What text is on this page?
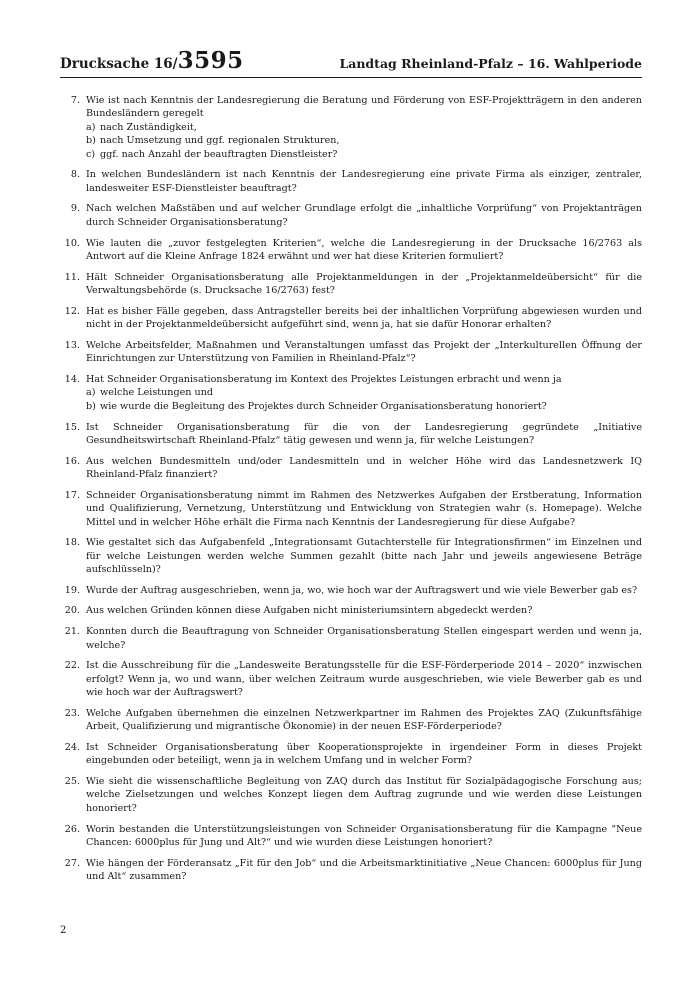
Drucksache 16/3595	Landtag Rheinland-Pfalz – 16. Wahlperiode
7. Wie ist nach Kenntnis der Landesregierung die Beratung und Förderung von ESF-Projektträgern in den anderen Bundesländern geregelt
a) nach Zuständigkeit,
b) nach Umsetzung und ggf. regionalen Strukturen,
c) ggf. nach Anzahl der beauftragten Dienstleister?
8. In welchen Bundesländern ist nach Kenntnis der Landesregierung eine private Firma als einziger, zentraler, landesweiter ESF-Dienstleister beauftragt?
9. Nach welchen Maßstäben und auf welcher Grundlage erfolgt die „inhaltliche Vorprüfung“ von Projektanträgen durch Schneider Organisationsberatung?
10. Wie lauten die „zuvor festgelegten Kriterien“, welche die Landesregierung in der Drucksache 16/2763 als Antwort auf die Kleine Anfrage 1824 erwähnt und wer hat diese Kriterien formuliert?
11. Hält Schneider Organisationsberatung alle Projektanmeldungen in der „Projektanmeldeübersicht“ für die Verwaltungsbehörde (s. Drucksache 16/2763) fest?
12. Hat es bisher Fälle gegeben, dass Antragsteller bereits bei der inhaltlichen Vorprüfung abgewiesen wurden und nicht in der Projektanmeldeübersicht aufgeführt sind, wenn ja, hat sie dafür Honorar erhalten?
13. Welche Arbeitsfelder, Maßnahmen und Veranstaltungen umfasst das Projekt der „Interkulturellen Öffnung der Einrichtungen zur Unterstützung von Familien in Rheinland-Pfalz“?
14. Hat Schneider Organisationsberatung im Kontext des Projektes Leistungen erbracht und wenn ja
a) welche Leistungen und
b) wie wurde die Begleitung des Projektes durch Schneider Organisationsberatung honoriert?
15. Ist Schneider Organisationsberatung für die von der Landesregierung gegründete „Initiative Gesundheitswirtschaft Rheinland-Pfalz“ tätig gewesen und wenn ja, für welche Leistungen?
16. Aus welchen Bundesmitteln und/oder Landesmitteln und in welcher Höhe wird das Landesnetzwerk IQ Rheinland-Pfalz finanziert?
17. Schneider Organisationsberatung nimmt im Rahmen des Netzwerkes Aufgaben der Erstberatung, Information und Qualifizierung, Vernetzung, Unterstützung und Entwicklung von Strategien wahr (s. Homepage). Welche Mittel und in welcher Höhe erhält die Firma nach Kenntnis der Landesregierung für diese Aufgabe?
18. Wie gestaltet sich das Aufgabenfeld „Integrationsamt Gutachterstelle für Integrationsfirmen“ im Einzelnen und für welche Leistungen werden welche Summen gezahlt (bitte nach Jahr und jeweils angewiesene Beträge aufschlüsseln)?
19. Wurde der Auftrag ausgeschrieben, wenn ja, wo, wie hoch war der Auftragswert und wie viele Bewerber gab es?
20. Aus welchen Gründen können diese Aufgaben nicht ministeriumsintern abgedeckt werden?
21. Konnten durch die Beauftragung von Schneider Organisationsberatung Stellen eingespart werden und wenn ja, welche?
22. Ist die Ausschreibung für die „Landesweite Beratungsstelle für die ESF-Förderperiode 2014 – 2020“ inzwischen erfolgt? Wenn ja, wo und wann, über welchen Zeitraum wurde ausgeschrieben, wie viele Bewerber gab es und wie hoch war der Auftragswert?
23. Welche Aufgaben übernehmen die einzelnen Netzwerkpartner im Rahmen des Projektes ZAQ (Zukunftsfähige Arbeit, Qualifizierung und migrantische Ökonomie) in der neuen ESF-Förderperiode?
24. Ist Schneider Organisationsberatung über Kooperationsprojekte in irgendeiner Form in dieses Projekt eingebunden oder beteiligt, wenn ja in welchem Umfang und in welcher Form?
25. Wie sieht die wissenschaftliche Begleitung von ZAQ durch das Institut für Sozialpädagogische Forschung aus; welche Zielsetzungen und welches Konzept liegen dem Auftrag zugrunde und wie werden diese Leistungen honoriert?
26. Worin bestanden die Unterstützungsleistungen von Schneider Organisationsberatung für die Kampagne "Neue Chancen: 6000plus für Jung und Alt?“ und wie wurden diese Leistungen honoriert?
27. Wie hängen der Förderansatz „Fit für den Job“ und die Arbeitsmarktinitiative „Neue Chancen: 6000plus für Jung und Alt“ zusammen?
2
